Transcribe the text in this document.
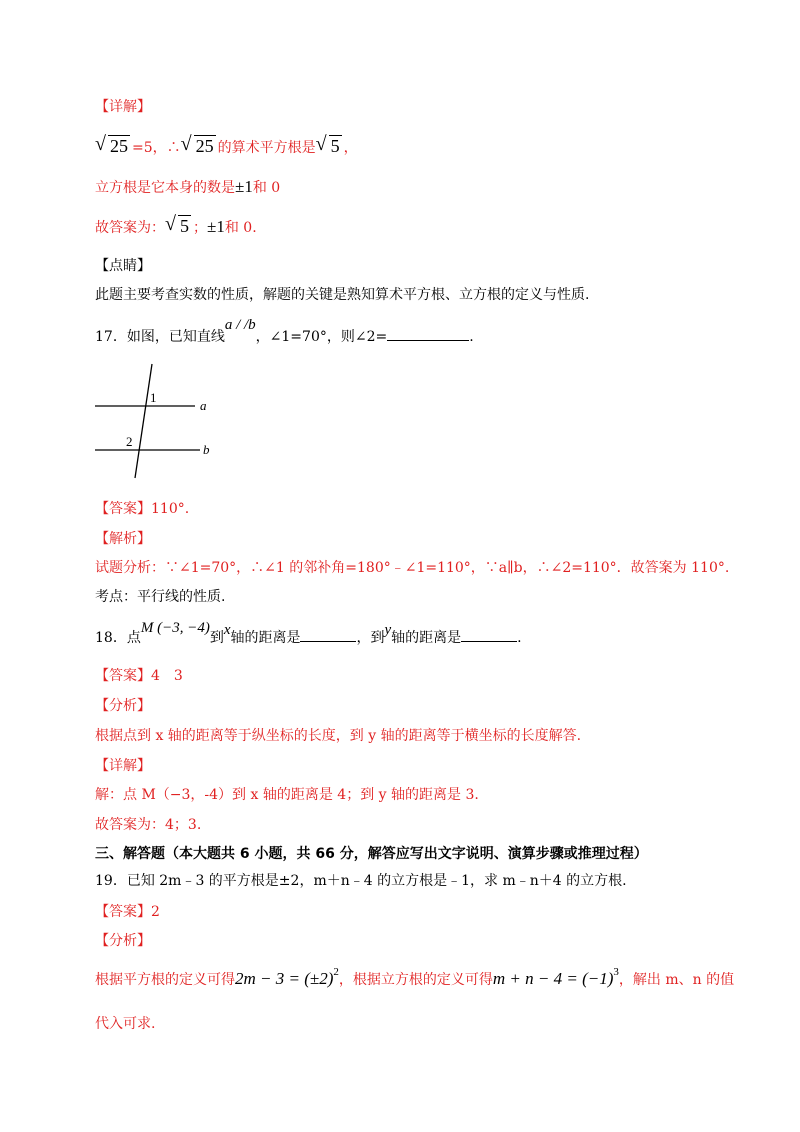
【详解】
√ 25 =5，∴ √ 25 的算术平方根是 √ 5 ，
立方根是它本身的数是±1和 0
故答案为： √ 5 ；±1和 0.
【点睛】
此题主要考查实数的性质，解题的关键是熟知算术平方根、立方根的定义与性质.
17．如图，已知直线a / /b，∠1=70°，则∠2=	.
1
2
a
b
【答案】110°.
【解析】
试题分析：∵∠1=70°，∴∠1 的邻补角=180°﹣∠1=110°，∵a∥b，∴∠2=110°．故答案为 110°.
考点：平行线的性质.
18．点M (−3, −4)到x轴的距离是	，到y轴的距离是	.
【答案】4　3
【分析】
根据点到 x 轴的距离等于纵坐标的长度，到 y 轴的距离等于横坐标的长度解答.
【详解】
解：点 M（−3，-4）到 x 轴的距离是 4；到 y 轴的距离是 3.
故答案为：4；3.
三、解答题（本大题共 6 小题，共 66 分，解答应写出文字说明、演算步骤或推理过程）
19．已知 2m﹣3 的平方根是±2，m＋n﹣4 的立方根是﹣1，求 m﹣n＋4 的立方根.
【答案】2
【分析】
根据平方根的定义可得$2m - 3 = (\pm 2)^2$，根据立方根的定义可得$m + n - 4 = (-1)^3$，解出 m、n 的值
代入可求.
